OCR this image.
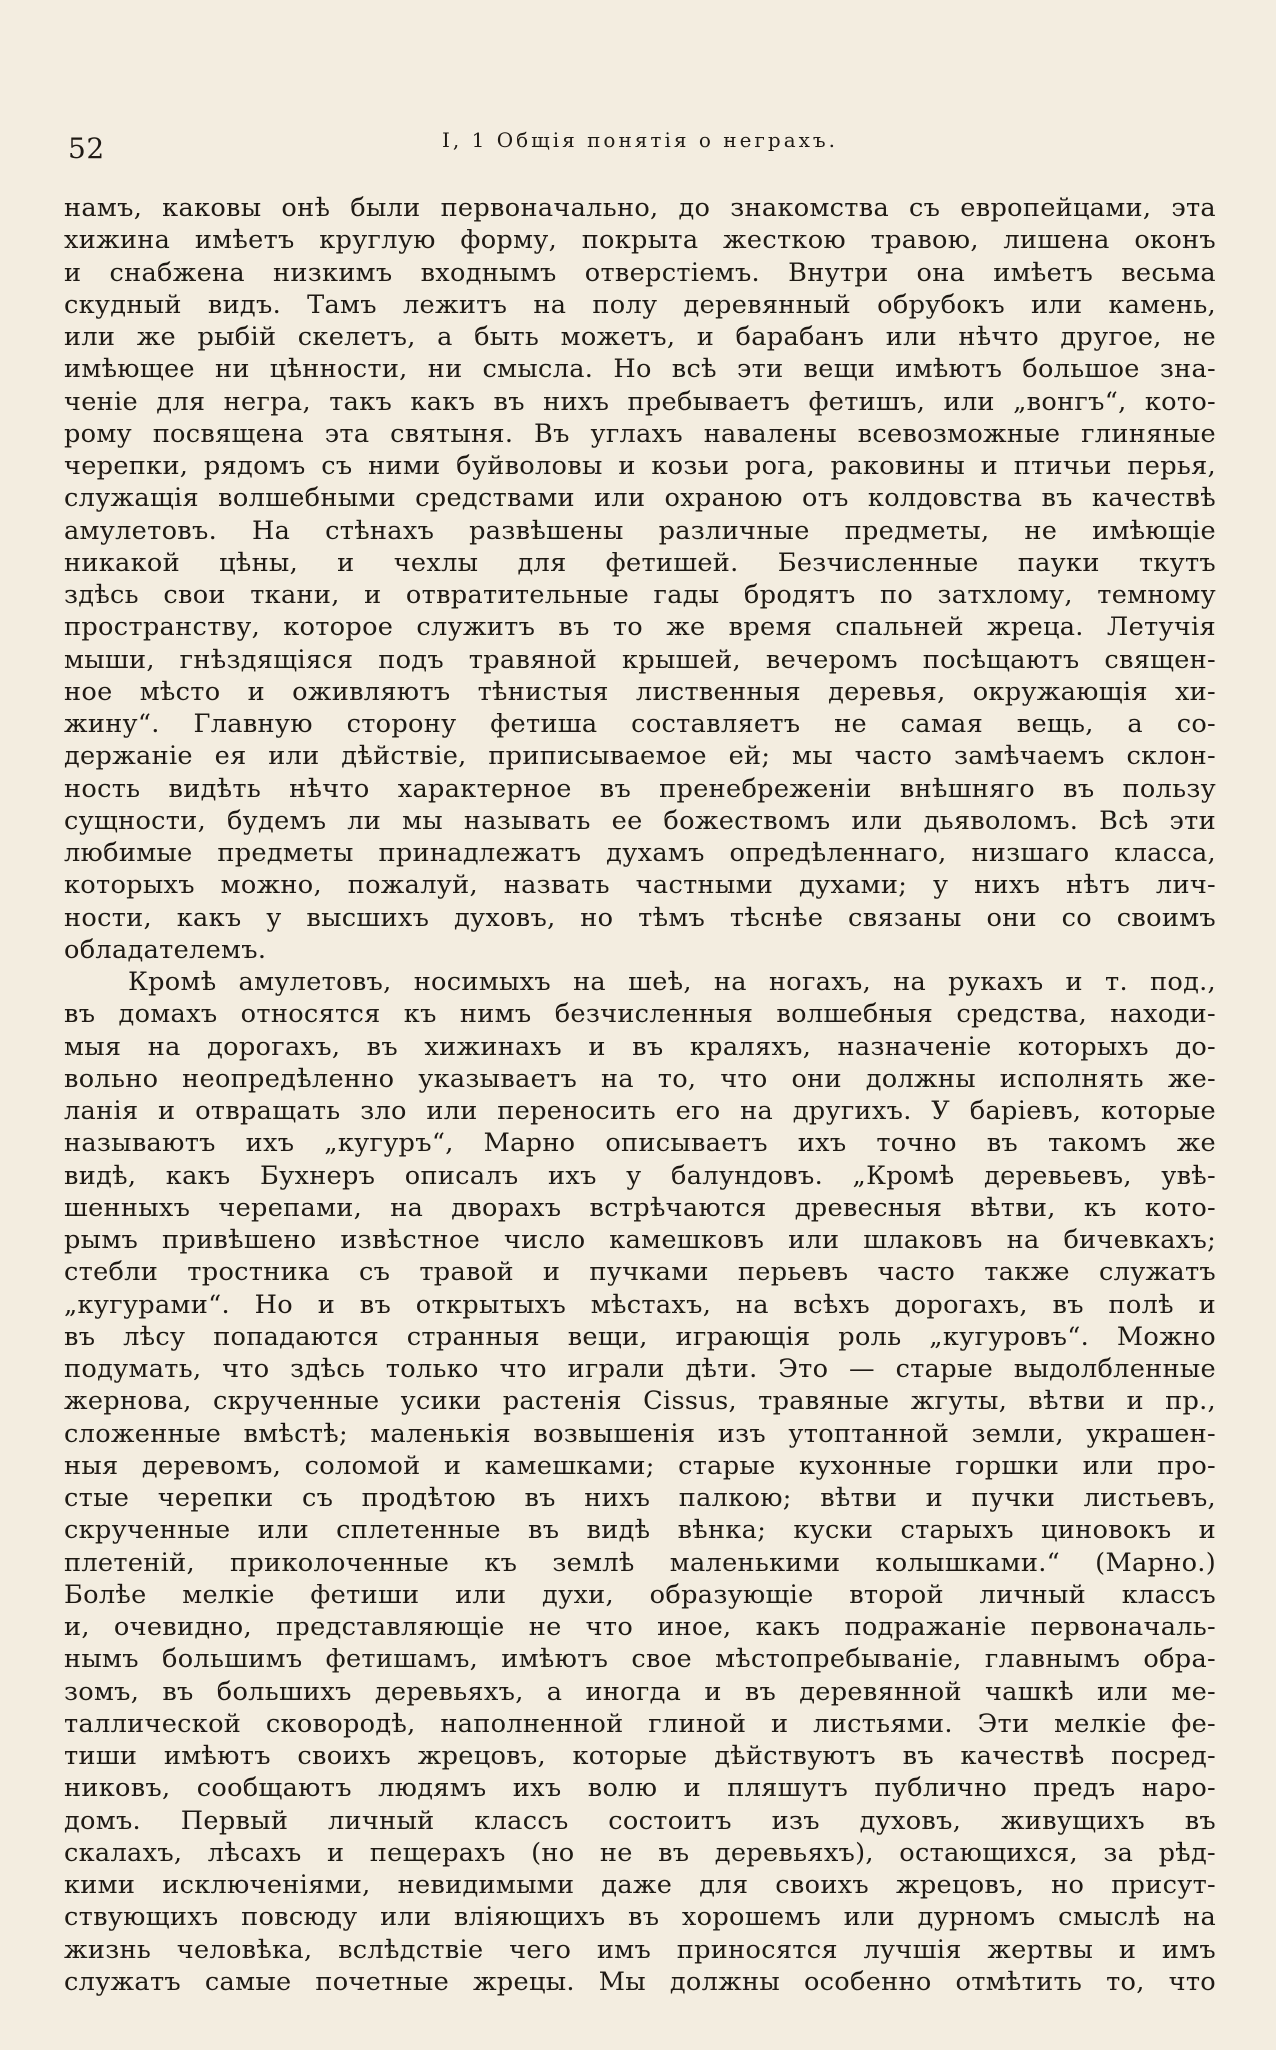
52	I, 1 Общія понятія о неграхъ.

намъ, каковы онѣ были первоначально, до знакомства съ европейцами, эта

хижина имѣетъ круглую форму, покрыта жесткою травою, лишена оконъ

и снабжена низкимъ входнымъ отверстіемъ. Внутри она имѣетъ весьма

скудный видъ. Тамъ лежитъ на полу деревянный обрубокъ или камень,

или же рыбій скелетъ, а быть можетъ, и барабанъ или нѣчто другое, не

имѣющее ни цѣнности, ни смысла. Но всѣ эти вещи имѣютъ большое зна-

ченіе для негра, такъ какъ въ нихъ пребываетъ фетишъ, или „вонгъ“, кото-

рому посвящена эта святыня. Въ углахъ навалены всевозможные глиняные

черепки, рядомъ съ ними буйволовы и козьи рога, раковины и птичьи перья,

служащія волшебными средствами или охраною отъ колдовства въ качествѣ

амулетовъ. На стѣнахъ развѣшены различные предметы, не имѣющіе

никакой цѣны, и чехлы для фетишей. Безчисленные пауки ткутъ

здѣсь свои ткани, и отвратительные гады бродятъ по затхлому, темному

пространству, которое служитъ въ то же время спальней жреца. Летучія

мыши, гнѣздящіяся подъ травяной крышей, вечеромъ посѣщаютъ священ-

ное мѣсто и оживляютъ тѣнистыя лиственныя деревья, окружающія хи-

жину“. Главную сторону фетиша составляетъ не самая вещь, а со-

держаніе ея или дѣйствіе, приписываемое ей; мы часто замѣчаемъ склон-

ность видѣть нѣчто характерное въ пренебреженіи внѣшняго въ пользу

сущности, будемъ ли мы называть ее божествомъ или дьяволомъ. Всѣ эти

любимые предметы принадлежатъ духамъ опредѣленнаго, низшаго класса,

которыхъ можно, пожалуй, назвать частными духами; у нихъ нѣтъ лич-

ности, какъ у высшихъ духовъ, но тѣмъ тѣснѣе связаны они со своимъ

обладателемъ.

Кромѣ амулетовъ, носимыхъ на шеѣ, на ногахъ, на рукахъ и т. под.,

въ домахъ относятся къ нимъ безчисленныя волшебныя средства, находи-

мыя на дорогахъ, въ хижинахъ и въ краляхъ, назначеніе которыхъ до-

вольно неопредѣленно указываетъ на то, что они должны исполнять же-

ланія и отвращать зло или переносить его на другихъ. У баріевъ, которые

называютъ ихъ „кугуръ“, Марно описываетъ ихъ точно въ такомъ же

видѣ, какъ Бухнеръ описалъ ихъ у балундовъ. „Кромѣ деревьевъ, увѣ-

шенныхъ черепами, на дворахъ встрѣчаются древесныя вѣтви, къ кото-

рымъ привѣшено извѣстное число камешковъ или шлаковъ на бичевкахъ;

стебли тростника съ травой и пучками перьевъ часто также служатъ

„кугурами“. Но и въ открытыхъ мѣстахъ, на всѣхъ дорогахъ, въ полѣ и

въ лѣсу попадаются странныя вещи, играющія роль „кугуровъ“. Можно

подумать, что здѣсь только что играли дѣти. Это — старые выдолбленные

жернова, скрученные усики растенія Cissus, травяные жгуты, вѣтви и пр.,

сложенные вмѣстѣ; маленькія возвышенія изъ утоптанной земли, украшен-

ныя деревомъ, соломой и камешками; старые кухонные горшки или про-

стые черепки съ продѣтою въ нихъ палкою; вѣтви и пучки листьевъ,

скрученные или сплетенные въ видѣ вѣнка; куски старыхъ циновокъ и

плетеній, приколоченные къ землѣ маленькими колышками.“ (Марно.)

Болѣе мелкіе фетиши или духи, образующіе второй личный классъ

и, очевидно, представляющіе не что иное, какъ подражаніе первоначаль-

нымъ большимъ фетишамъ, имѣютъ свое мѣстопребываніе, главнымъ обра-

зомъ, въ большихъ деревьяхъ, а иногда и въ деревянной чашкѣ или ме-

таллической сковородѣ, наполненной глиной и листьями. Эти мелкіе фе-

тиши имѣютъ своихъ жрецовъ, которые дѣйствуютъ въ качествѣ посред-

никовъ, сообщаютъ людямъ ихъ волю и пляшутъ публично предъ наро-

домъ. Первый личный классъ состоитъ изъ духовъ, живущихъ въ

скалахъ, лѣсахъ и пещерахъ (но не въ деревьяхъ), остающихся, за рѣд-

кими исключеніями, невидимыми даже для своихъ жрецовъ, но присут-

ствующихъ повсюду или вліяющихъ въ хорошемъ или дурномъ смыслѣ на

жизнь человѣка, вслѣдствіе чего имъ приносятся лучшія жертвы и имъ

служатъ самые почетные жрецы. Мы должны особенно отмѣтить то, что
